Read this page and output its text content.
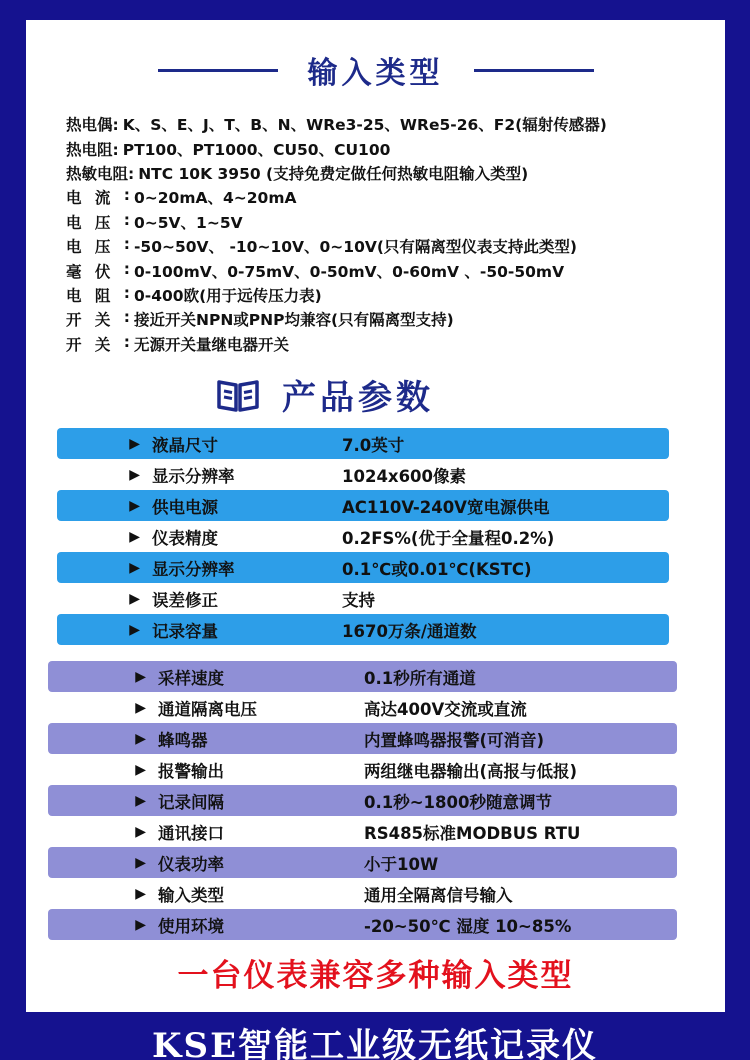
输入类型
热电偶: K、S、E、J、T、B、N、WRe3-25、WRe5-26、F2(辐射传感器)
热电阻: PT100、PT1000、CU50、CU100
热敏电阻: NTC 10K 3950 (支持免费定做任何热敏电阻输入类型)
电 流 : 0~20mA、4~20mA
电 压 : 0~5V、1~5V
电 压 : -50~50V、 -10~10V、0~10V(只有隔离型仪表支持此类型)
毫 伏 : 0-100mV、0-75mV、0-50mV、0-60mV 、-50-50mV
电 阻 : 0-400欧(用于远传压力表)
开 关 : 接近开关NPN或PNP均兼容(只有隔离型支持)
开 关 : 无源开关量继电器开关
产品参数
▶ 液晶尺寸	7.0英寸
▶ 显示分辨率	1024x600像素
▶ 供电电源	AC110V-240V宽电源供电
▶ 仪表精度	0.2FS%(优于全量程0.2%)
▶ 显示分辨率	0.1℃或0.01℃(KSTC)
▶ 误差修正	支持
▶ 记录容量	1670万条/通道数
▶ 采样速度	0.1秒所有通道
▶ 通道隔离电压	高达400V交流或直流
▶ 蜂鸣器	内置蜂鸣器报警(可消音)
▶ 报警输出	两组继电器输出(高报与低报)
▶ 记录间隔	0.1秒~1800秒随意调节
▶ 通讯接口	RS485标准MODBUS RTU
▶ 仪表功率	小于10W
▶ 输入类型	通用全隔离信号输入
▶ 使用环境	-20~50℃ 湿度 10~85%
一台仪表兼容多种输入类型
KSE智能工业级无纸记录仪
